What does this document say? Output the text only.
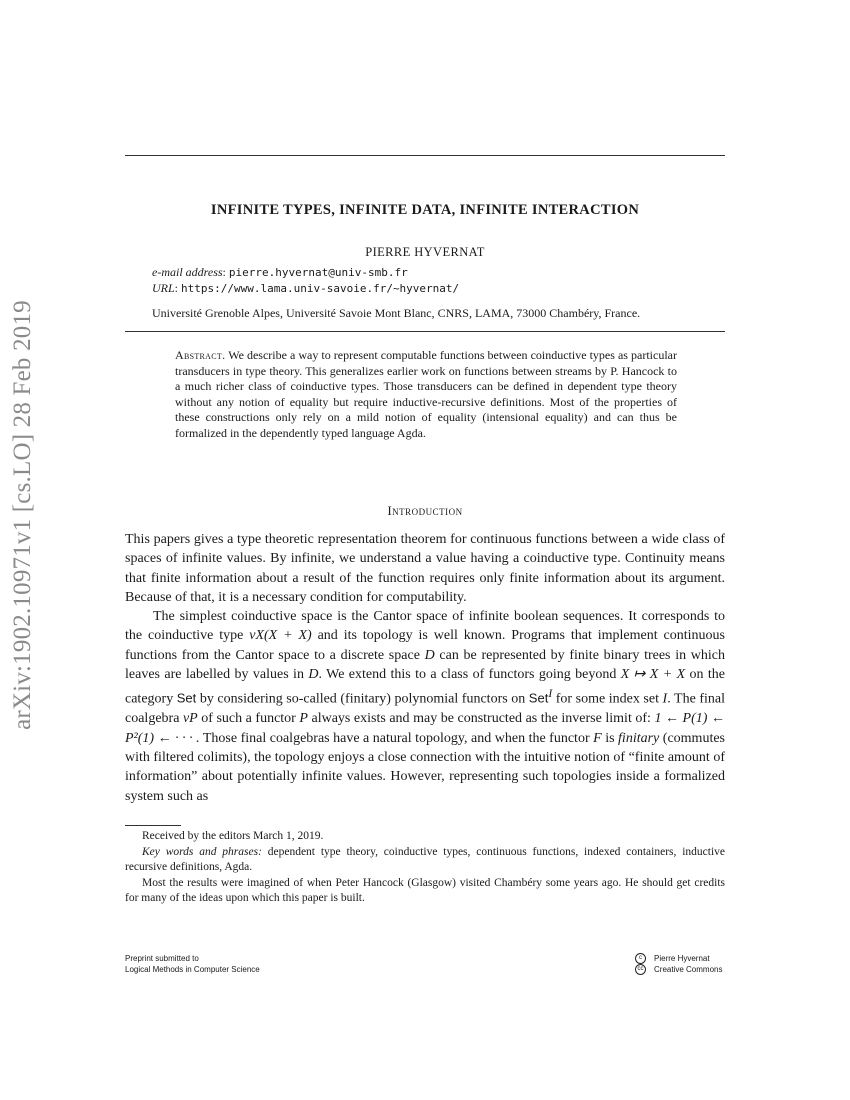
arXiv:1902.10971v1 [cs.LO] 28 Feb 2019
INFINITE TYPES, INFINITE DATA, INFINITE INTERACTION
PIERRE HYVERNAT
e-mail address: pierre.hyvernat@univ-smb.fr
URL: https://www.lama.univ-savoie.fr/~hyvernat/
Université Grenoble Alpes, Université Savoie Mont Blanc, CNRS, LAMA, 73000 Chambéry, France.
Abstract. We describe a way to represent computable functions between coinductive types as particular transducers in type theory. This generalizes earlier work on functions between streams by P. Hancock to a much richer class of coinductive types. Those transducers can be defined in dependent type theory without any notion of equality but require inductive-recursive definitions. Most of the properties of these constructions only rely on a mild notion of equality (intensional equality) and can thus be formalized in the dependently typed language Agda.
Introduction

This papers gives a type theoretic representation theorem for continuous functions between a wide class of spaces of infinite values. By infinite, we understand a value having a coinductive type. Continuity means that finite information about a result of the function requires only finite information about its argument. Because of that, it is a necessary condition for computability.

The simplest coinductive space is the Cantor space of infinite boolean sequences. It corresponds to the coinductive type νX(X + X) and its topology is well known. Programs that implement continuous functions from the Cantor space to a discrete space D can be represented by finite binary trees in which leaves are labelled by values in D. We extend this to a class of functors going beyond X ↦ X + X on the category Set by considering so-called (finitary) polynomial functors on Set$^I$ for some index set I. The final coalgebra νP of such a functor P always exists and may be constructed as the inverse limit of: 1 ← P(1) ← P²(1) ← · · · . Those final coalgebras have a natural topology, and when the functor F is finitary (commutes with filtered colimits), the topology enjoys a close connection with the intuitive notion of “finite amount of information” about potentially infinite values. However, representing such topologies inside a formalized system such as

Received by the editors March 1, 2019.

Key words and phrases: dependent type theory, coinductive types, continuous functions, indexed containers, inductive recursive definitions, Agda.

Most the results were imagined of when Peter Hancock (Glasgow) visited Chambéry some years ago. He should get credits for many of the ideas upon which this paper is built.

Preprint submitted to
Logical Methods in Computer Science
c	Pierre Hyvernat
cc	Creative Commons
